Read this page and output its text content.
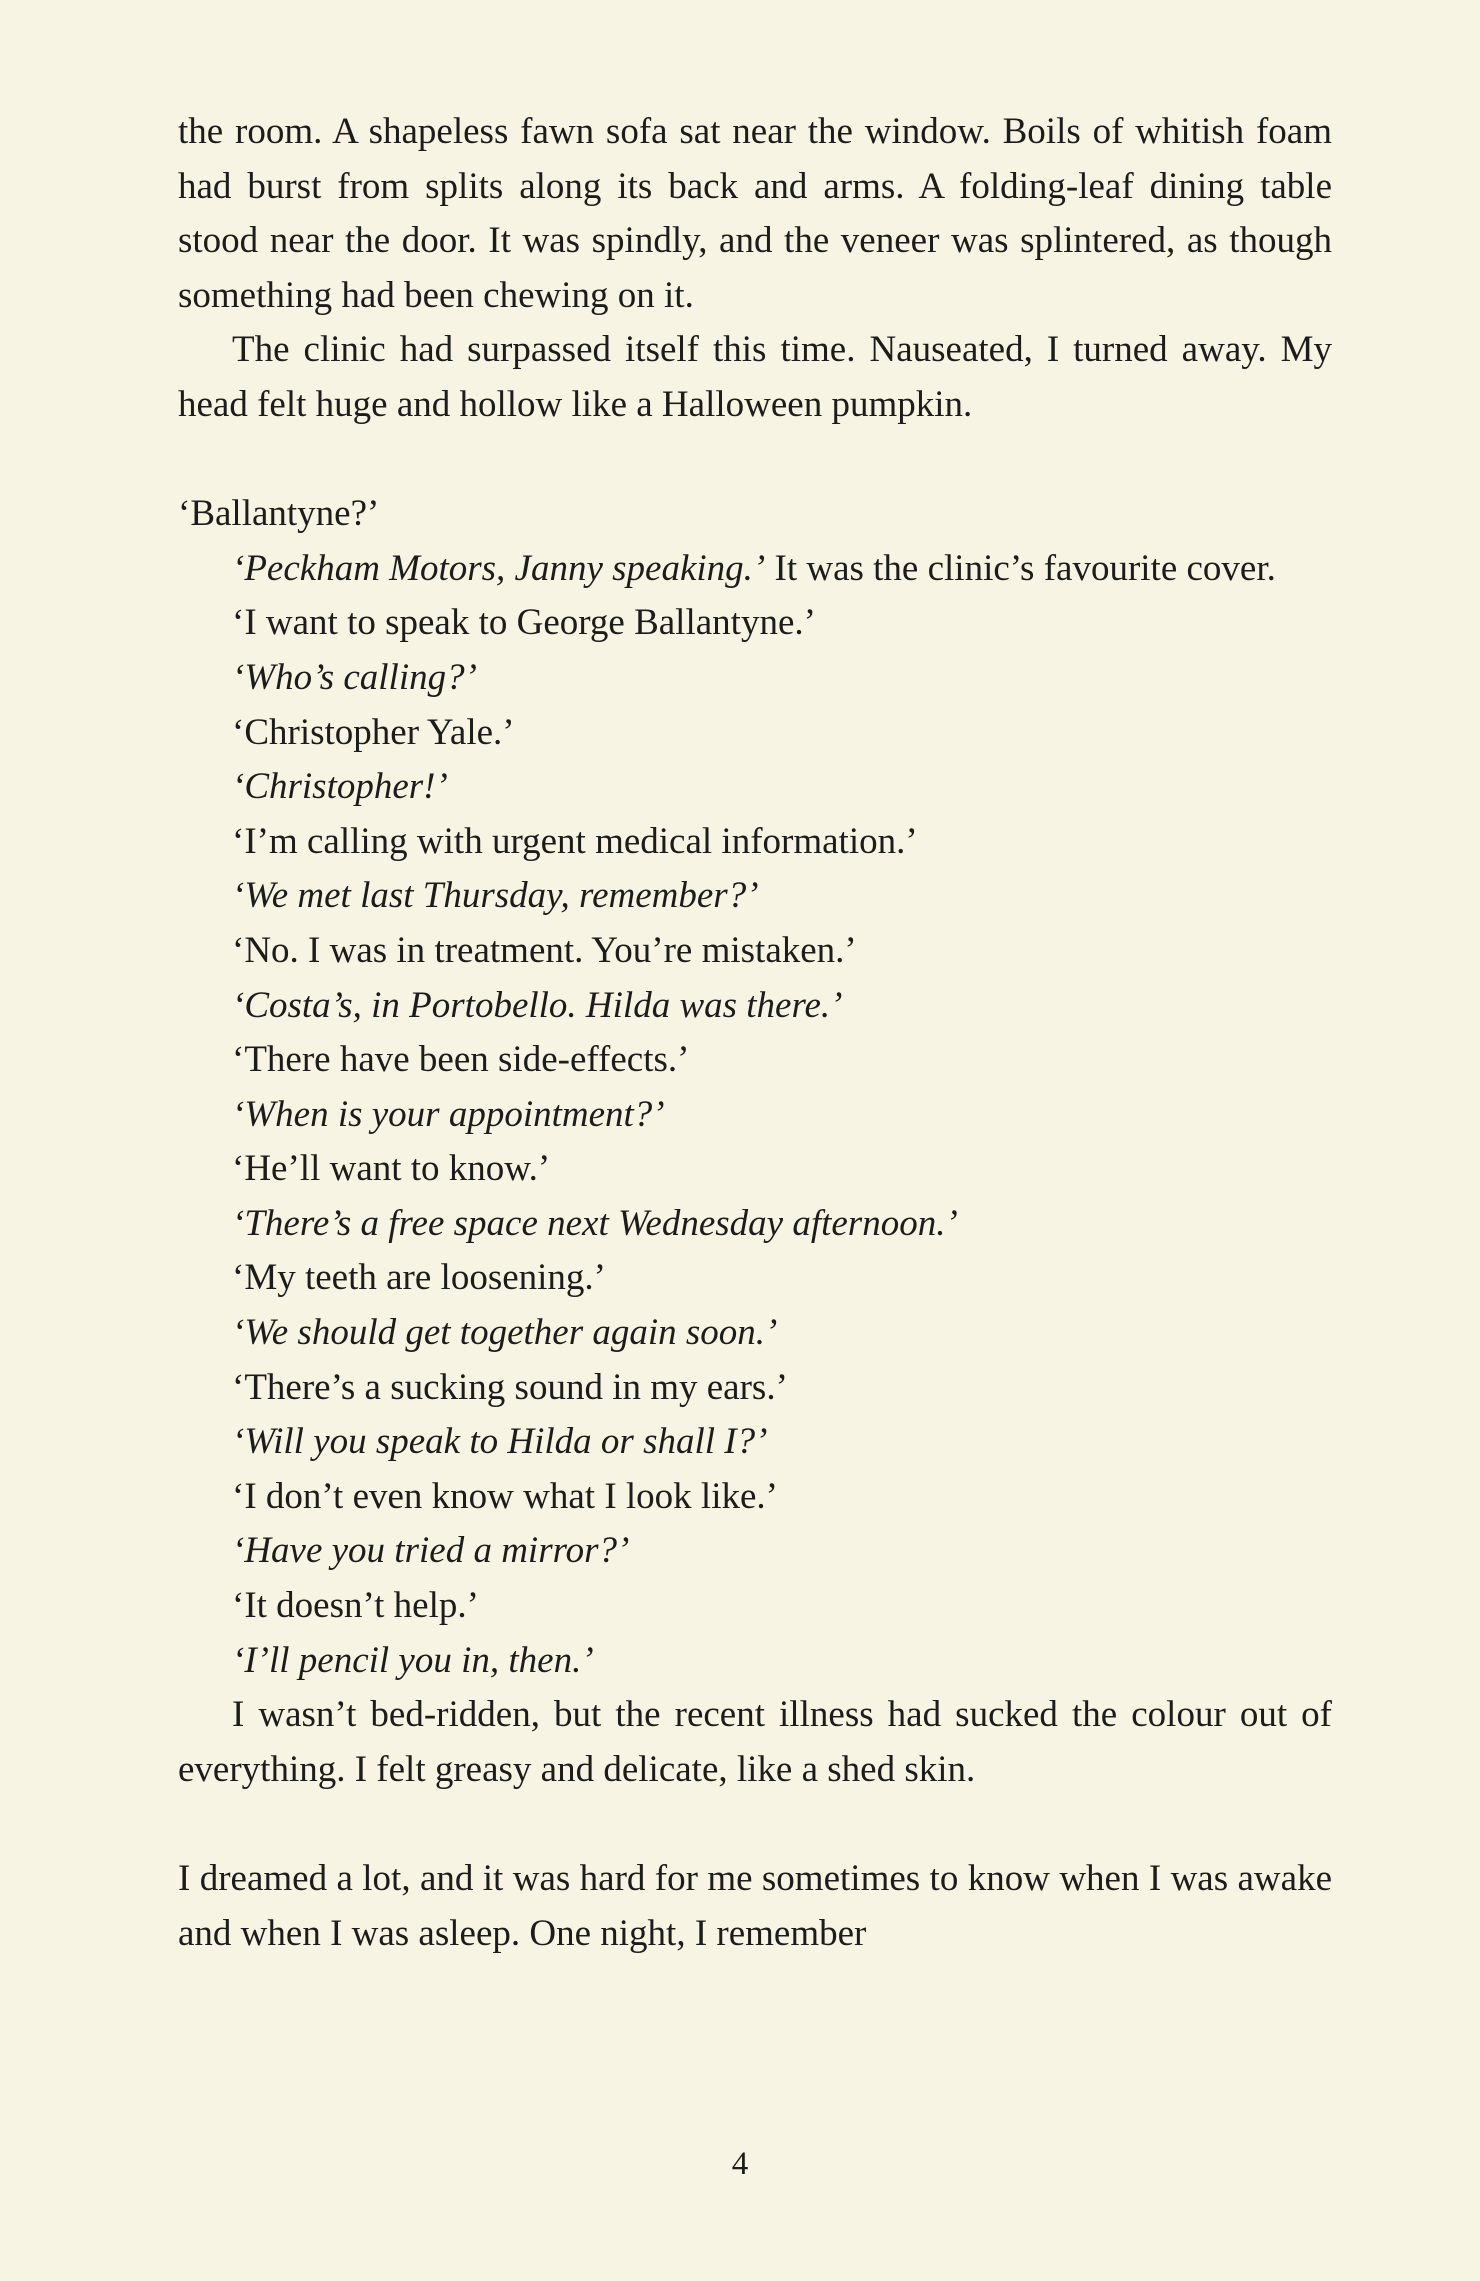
the room. A shapeless fawn sofa sat near the window. Boils of whitish foam had burst from splits along its back and arms. A folding-leaf dining table stood near the door. It was spindly, and the veneer was splintered, as though something had been chewing on it.

The clinic had surpassed itself this time. Nauseated, I turned away. My head felt huge and hollow like a Halloween pumpkin.

‘Ballantyne?’

‘Peckham Motors, Janny speaking.’ It was the clinic’s favourite cover.

‘I want to speak to George Ballantyne.’

‘Who’s calling?’

‘Christopher Yale.’

‘Christopher!’

‘I’m calling with urgent medical information.’

‘We met last Thursday, remember?’

‘No. I was in treatment. You’re mistaken.’

‘Costa’s, in Portobello. Hilda was there.’

‘There have been side-effects.’

‘When is your appointment?’

‘He’ll want to know.’

‘There’s a free space next Wednesday afternoon.’

‘My teeth are loosening.’

‘We should get together again soon.’

‘There’s a sucking sound in my ears.’

‘Will you speak to Hilda or shall I?’

‘I don’t even know what I look like.’

‘Have you tried a mirror?’

‘It doesn’t help.’

‘I’ll pencil you in, then.’

I wasn’t bed-ridden, but the recent illness had sucked the colour out of everything. I felt greasy and delicate, like a shed skin.

I dreamed a lot, and it was hard for me sometimes to know when I was awake and when I was asleep. One night, I remember

4
